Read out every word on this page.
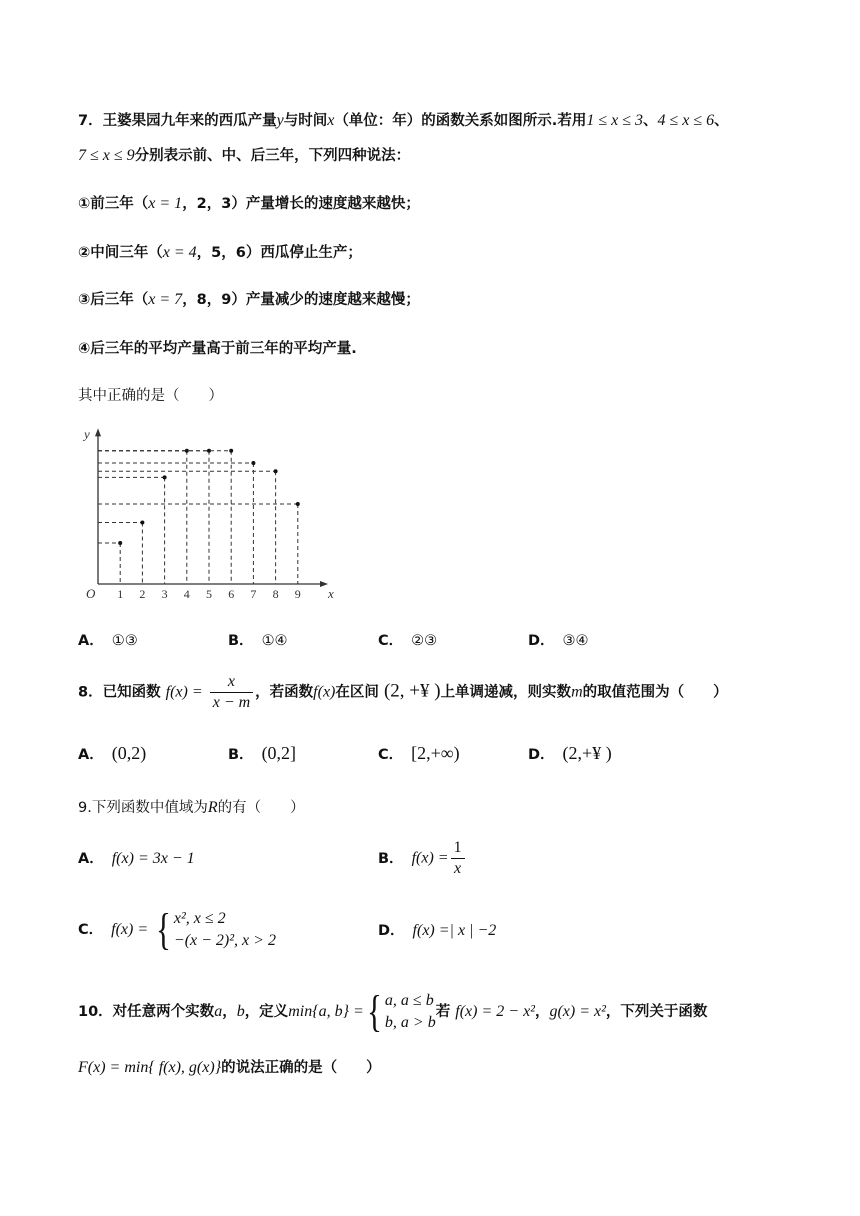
7．王婆果园九年来的西瓜产量y与时间x（单位：年）的函数关系如图所示.若用1 ≤ x ≤ 3、4 ≤ x ≤ 6、
7 ≤ x ≤ 9分别表示前、中、后三年，下列四种说法：
①前三年（x = 1，2，3）产量增长的速度越来越快；
②中间三年（x = 4，5，6）西瓜停止生产；
③后三年（x = 7，8，9）产量减少的速度越来越慢；
④后三年的平均产量高于前三年的平均产量.
其中正确的是（　　）
x
y
O 1 2 3 4 5 6 7 8 9
A． ①③	B． ①④	C． ②③	D． ③④
8．已知函数 $f(x) = \frac{x}{x - m}$ ，若函数f(x)在区间 (2, +¥ )上单调递减，则实数m的取值范围为（　　）
A． (0,2)	B． (0,2]	C． [2,+∞)	D． (2,+¥ )
9.下列函数中值域为R的有（　　）
A． f(x) = 3x − 1	B． $f(x) = \frac{1}{x}$
C． f(x) = { x², x ≤ 2
−(x − 2)², x > 2
D． f(x) =| x | −2
10．对任意两个实数a，b，定义min{a, b} ={ a, a ≤ b
b, a > b
若 f(x) = 2 − x²，g(x) = x²，下列关于函数
F(x) = min{ f(x), g(x)}的说法正确的是（　　）
